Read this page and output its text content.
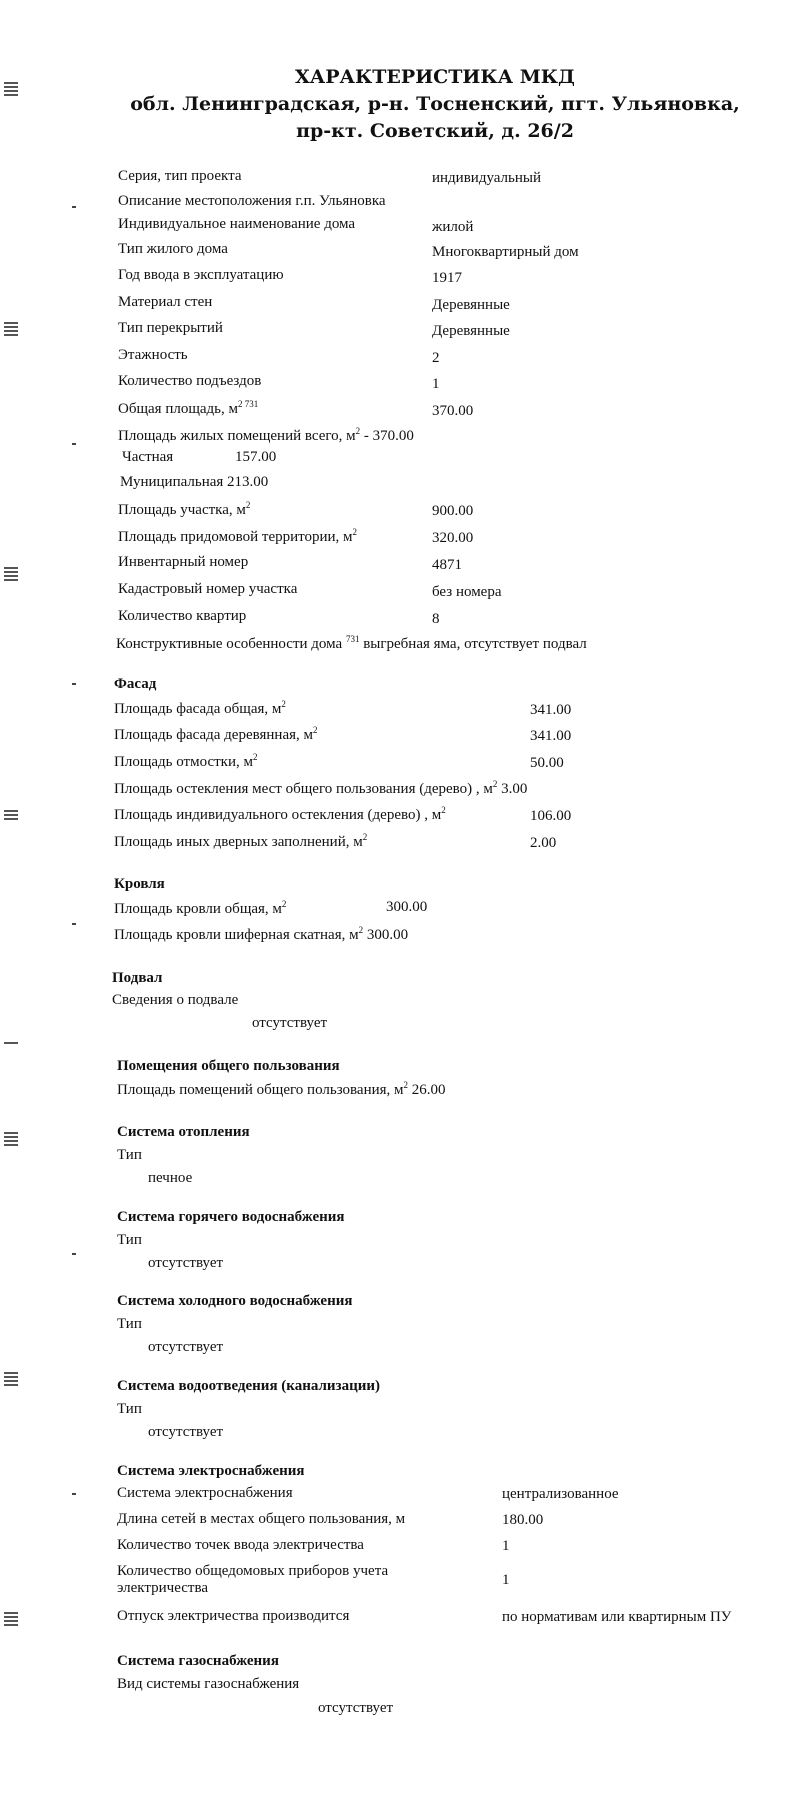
ХАРАКТЕРИСТИКА МКД
обл. Ленинградская, р-н. Тосненский, пгт. Ульяновка,
пр-кт. Советский, д. 26/2
Серия, тип проекта	индивидуальный
Описание местоположения г.п. Ульяновка
Индивидуальное наименование дома	жилой
Тип жилого дома	Многоквартирный дом
Год ввода в эксплуатацию	1917
Материал стен	Деревянные
Тип перекрытий	Деревянные
Этажность	2
Количество подъездов	1
Общая площадь, $м^{2 731}$	370.00
Площадь жилых помещений всего, $м^2 - 370.00$
Частная	157.00
Муниципальная 213.00
Площадь участка, $м^2$	900.00
Площадь придомовой территории, $м^2$	320.00
Инвентарный номер	4871
Кадастровый номер участка	без номера
Количество квартир	8
Конструктивные особенности дома $^{731}$ выгребная яма, отсутствует подвал
Фасад
Площадь фасада общая, $м^2$	341.00
Площадь фасада деревянная, $м^2$	341.00
Площадь отмостки, $м^2$	50.00
Площадь остекления мест общего пользования (дерево) , $м^2$ 3.00
Площадь индивидуального остекления (дерево) , $м^2$	106.00
Площадь иных дверных заполнений, $м^2$	2.00
Кровля
Площадь кровли общая, $м^2$	300.00
Площадь кровли шиферная скатная, $м^2$ 300.00
Подвал
Сведения о подвале
отсутствует
Помещения общего пользования
Площадь помещений общего пользования, $м^2$ 26.00
Система отопления
Тип
печное
Система горячего водоснабжения
Тип
отсутствует
Система холодного водоснабжения
Тип
отсутствует
Система водоотведения (канализации)
Тип
отсутствует
Система электроснабжения
Система электроснабжения	централизованное
Длина сетей в местах общего пользования, м	180.00
Количество точек ввода электричества	1
Количество общедомовых приборов учета
электричества	1
Отпуск электричества производится	по нормативам или квартирным ПУ
Система газоснабжения
Вид системы газоснабжения
отсутствует
